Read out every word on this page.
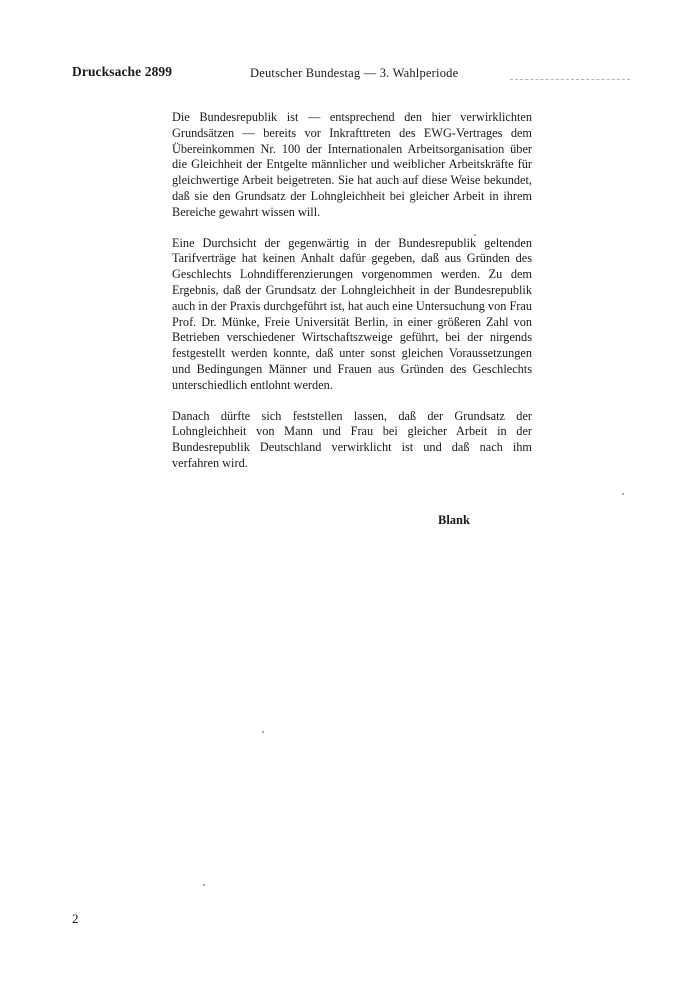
Drucksache 2899	Deutscher Bundestag — 3. Wahlperiode

Die Bundesrepublik ist — entsprechend den hier verwirklichten Grundsätzen — bereits vor Inkrafttreten des EWG-Vertrages dem Übereinkommen Nr. 100 der Internationalen Arbeitsorganisation über die Gleichheit der Entgelte männlicher und weiblicher Arbeitskräfte für gleichwertige Arbeit beigetreten. Sie hat auch auf diese Weise bekundet, daß sie den Grundsatz der Lohngleichheit bei gleicher Arbeit in ihrem Bereiche gewahrt wissen will.

Eine Durchsicht der gegenwärtig in der Bundesrepublik geltenden Tarifverträge hat keinen Anhalt dafür gegeben, daß aus Gründen des Geschlechts Lohndifferenzierungen vorgenommen werden. Zu dem Ergebnis, daß der Grundsatz der Lohngleichheit in der Bundesrepublik auch in der Praxis durchgeführt ist, hat auch eine Untersuchung von Frau Prof. Dr. Münke, Freie Universität Berlin, in einer größeren Zahl von Betrieben verschiedener Wirtschaftszweige geführt, bei der nirgends festgestellt werden konnte, daß unter sonst gleichen Voraussetzungen und Bedingungen Männer und Frauen aus Gründen des Geschlechts unterschiedlich entlohnt werden.

Danach dürfte sich feststellen lassen, daß der Grundsatz der Lohngleichheit von Mann und Frau bei gleicher Arbeit in der Bundesrepublik Deutschland verwirklicht ist und daß nach ihm verfahren wird.

Blank
2
